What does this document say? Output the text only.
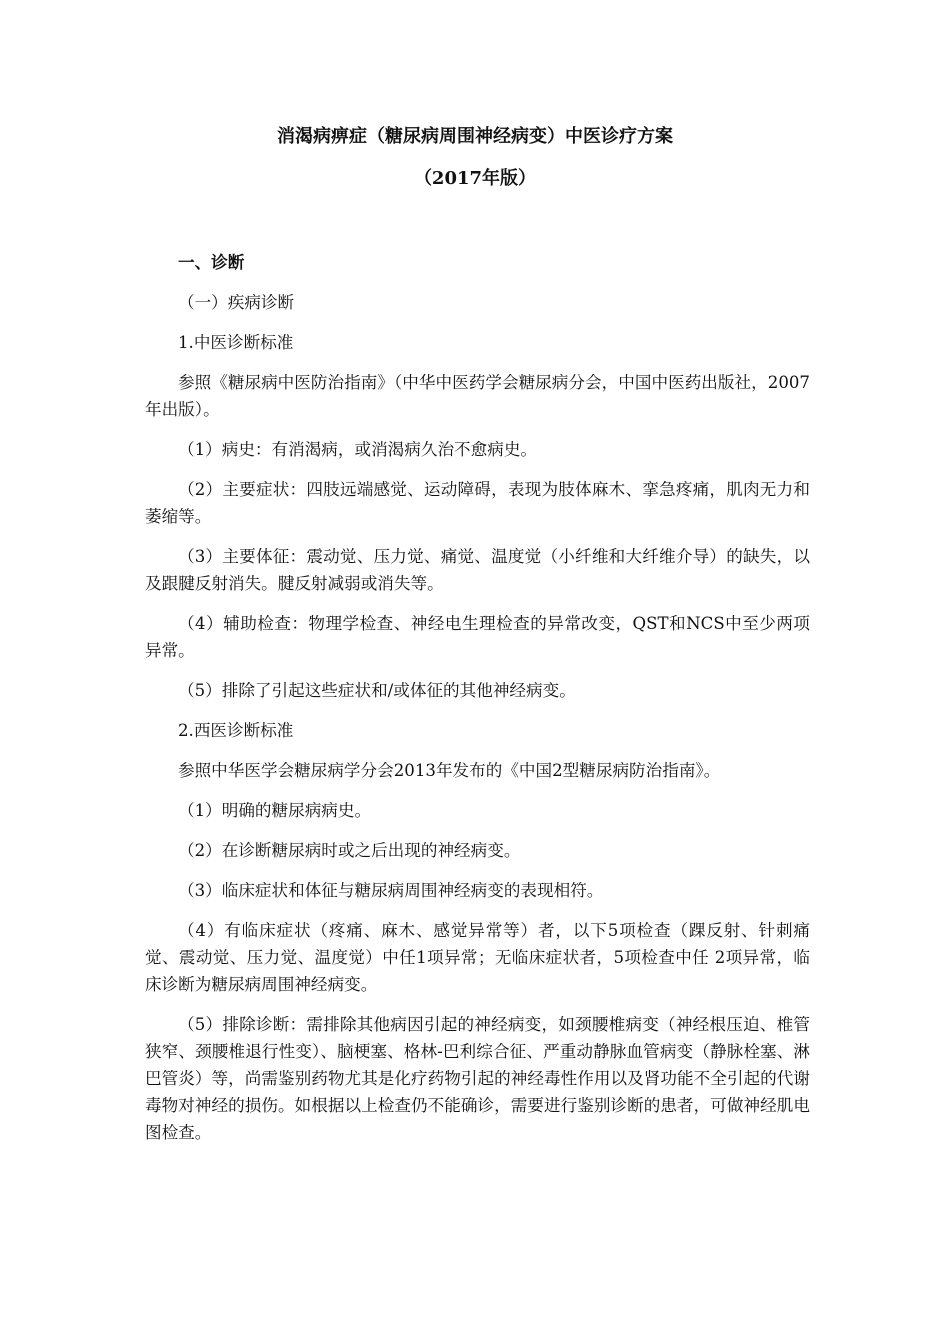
消渴病痹症（糖尿病周围神经病变）中医诊疗方案
（2017年版）

一、诊断

（一）疾病诊断

1.中医诊断标准

参照《糖尿病中医防治指南》（中华中医药学会糖尿病分会，中国中医药出版社，2007年出版）。

（1）病史：有消渴病，或消渴病久治不愈病史。

（2）主要症状：四肢远端感觉、运动障碍，表现为肢体麻木、挛急疼痛，肌肉无力和萎缩等。

（3）主要体征：震动觉、压力觉、痛觉、温度觉（小纤维和大纤维介导）的缺失，以及跟腱反射消失。腱反射减弱或消失等。

（4）辅助检查：物理学检查、神经电生理检查的异常改变，QST和NCS中至少两项异常。

（5）排除了引起这些症状和/或体征的其他神经病变。

2.西医诊断标准

参照中华医学会糖尿病学分会2013年发布的《中国2型糖尿病防治指南》。

（1）明确的糖尿病病史。

（2）在诊断糖尿病时或之后出现的神经病变。

（3）临床症状和体征与糖尿病周围神经病变的表现相符。

（4）有临床症状（疼痛、麻木、感觉异常等）者，以下5项检查（踝反射、针刺痛觉、震动觉、压力觉、温度觉）中任1项异常；无临床症状者，5项检查中任 2项异常，临床诊断为糖尿病周围神经病变。

（5）排除诊断：需排除其他病因引起的神经病变，如颈腰椎病变（神经根压迫、椎管狭窄、颈腰椎退行性变）、脑梗塞、格林-巴利综合征、严重动静脉血管病变（静脉栓塞、淋巴管炎）等，尚需鉴别药物尤其是化疗药物引起的神经毒性作用以及肾功能不全引起的代谢毒物对神经的损伤。如根据以上检查仍不能确诊，需要进行鉴别诊断的患者，可做神经肌电图检查。
